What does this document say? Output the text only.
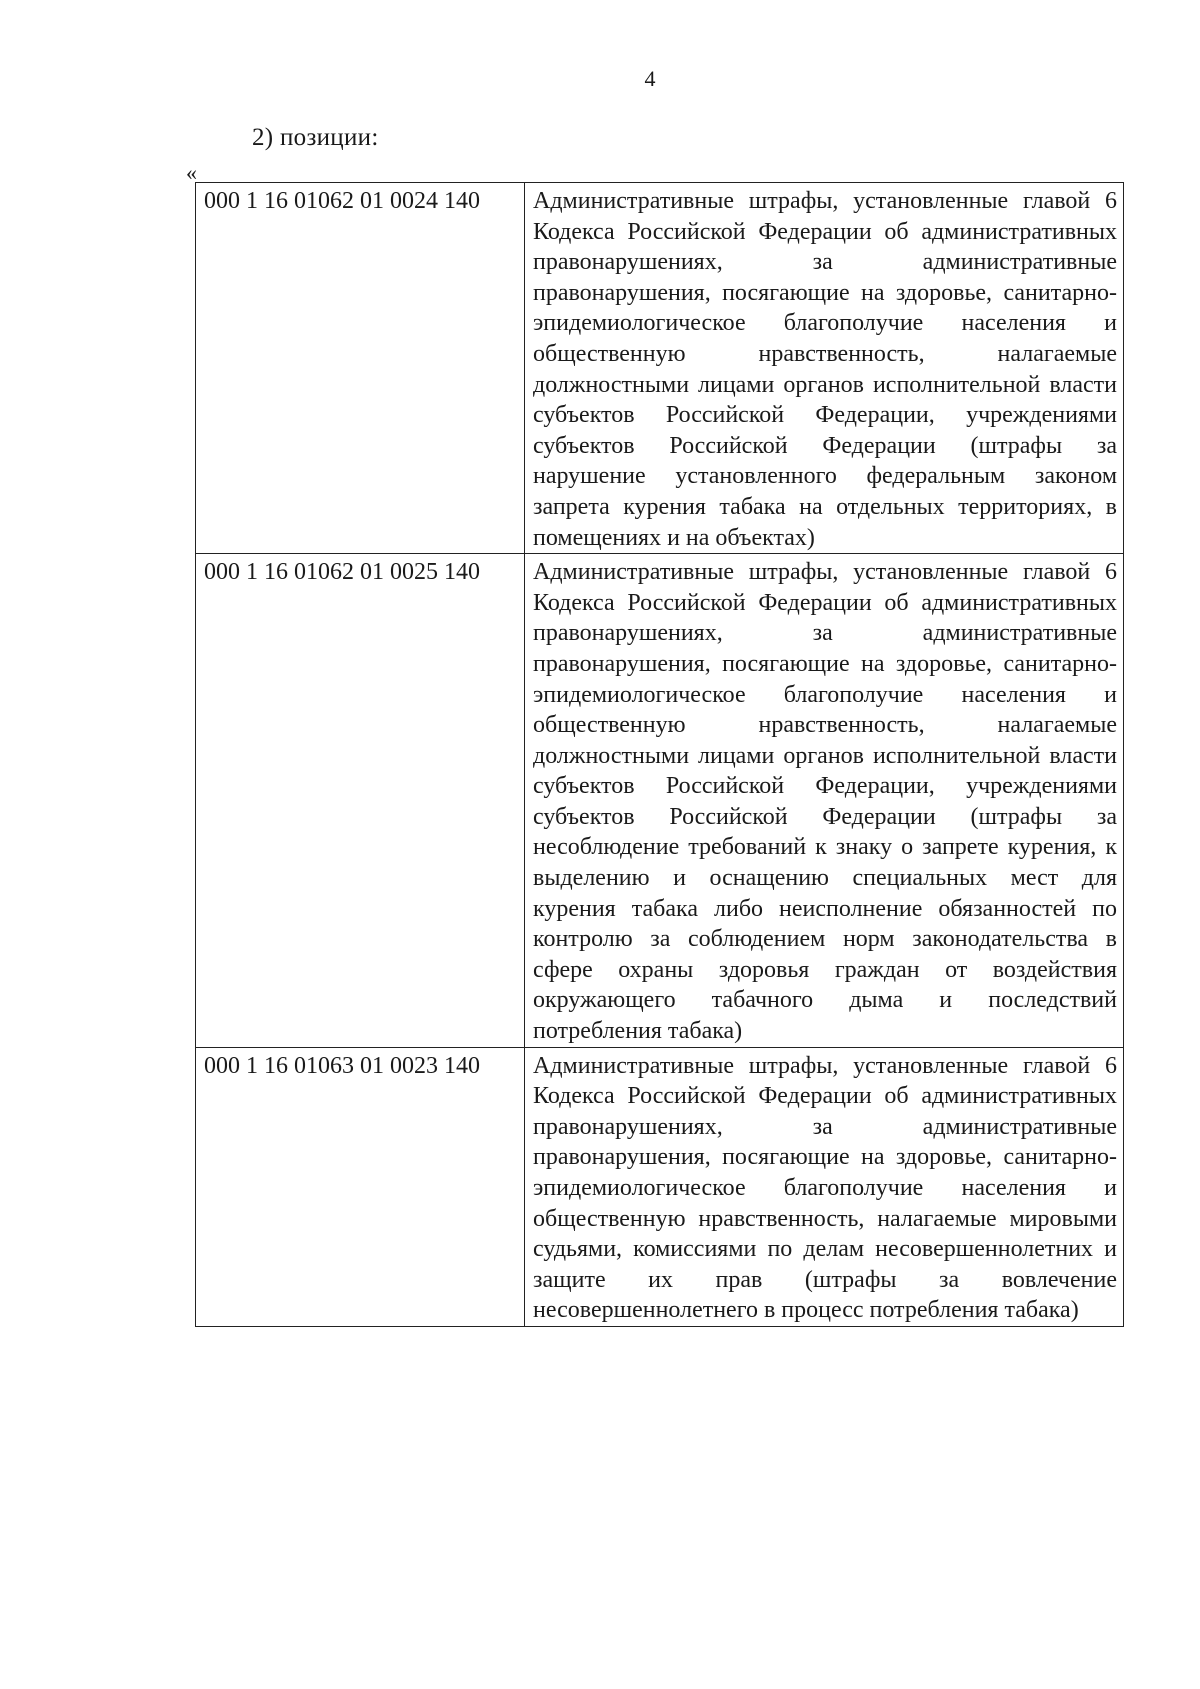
4
2) позиции:
«
000 1 16 01062 01 0024 140	Административные штрафы, установленные главой 6 Кодекса Российской Федерации об административных правонарушениях, за административные правонарушения, посягающие на здоровье, санитарно-эпидемиологическое благополучие населения и общественную нравственность, налагаемые должностными лицами органов исполнительной власти субъектов Российской Федерации, учреждениями субъектов Российской Федерации (штрафы за нарушение установленного федеральным законом запрета курения табака на отдельных территориях, в помещениях и на объектах)
000 1 16 01062 01 0025 140	Административные штрафы, установленные главой 6 Кодекса Российской Федерации об административных правонарушениях, за административные правонарушения, посягающие на здоровье, санитарно-эпидемиологическое благополучие населения и общественную нравственность, налагаемые должностными лицами органов исполнительной власти субъектов Российской Федерации, учреждениями субъектов Российской Федерации (штрафы за несоблюдение требований к знаку о запрете курения, к выделению и оснащению специальных мест для курения табака либо неисполнение обязанностей по контролю за соблюдением норм законодательства в сфере охраны здоровья граждан от воздействия окружающего табачного дыма и последствий потребления табака)
000 1 16 01063 01 0023 140	Административные штрафы, установленные главой 6 Кодекса Российской Федерации об административных правонарушениях, за административные правонарушения, посягающие на здоровье, санитарно-эпидемиологическое благополучие населения и общественную нравственность, налагаемые мировыми судьями, комиссиями по делам несовершеннолетних и защите их прав (штрафы за вовлечение несовершеннолетнего в процесс потребления табака)
